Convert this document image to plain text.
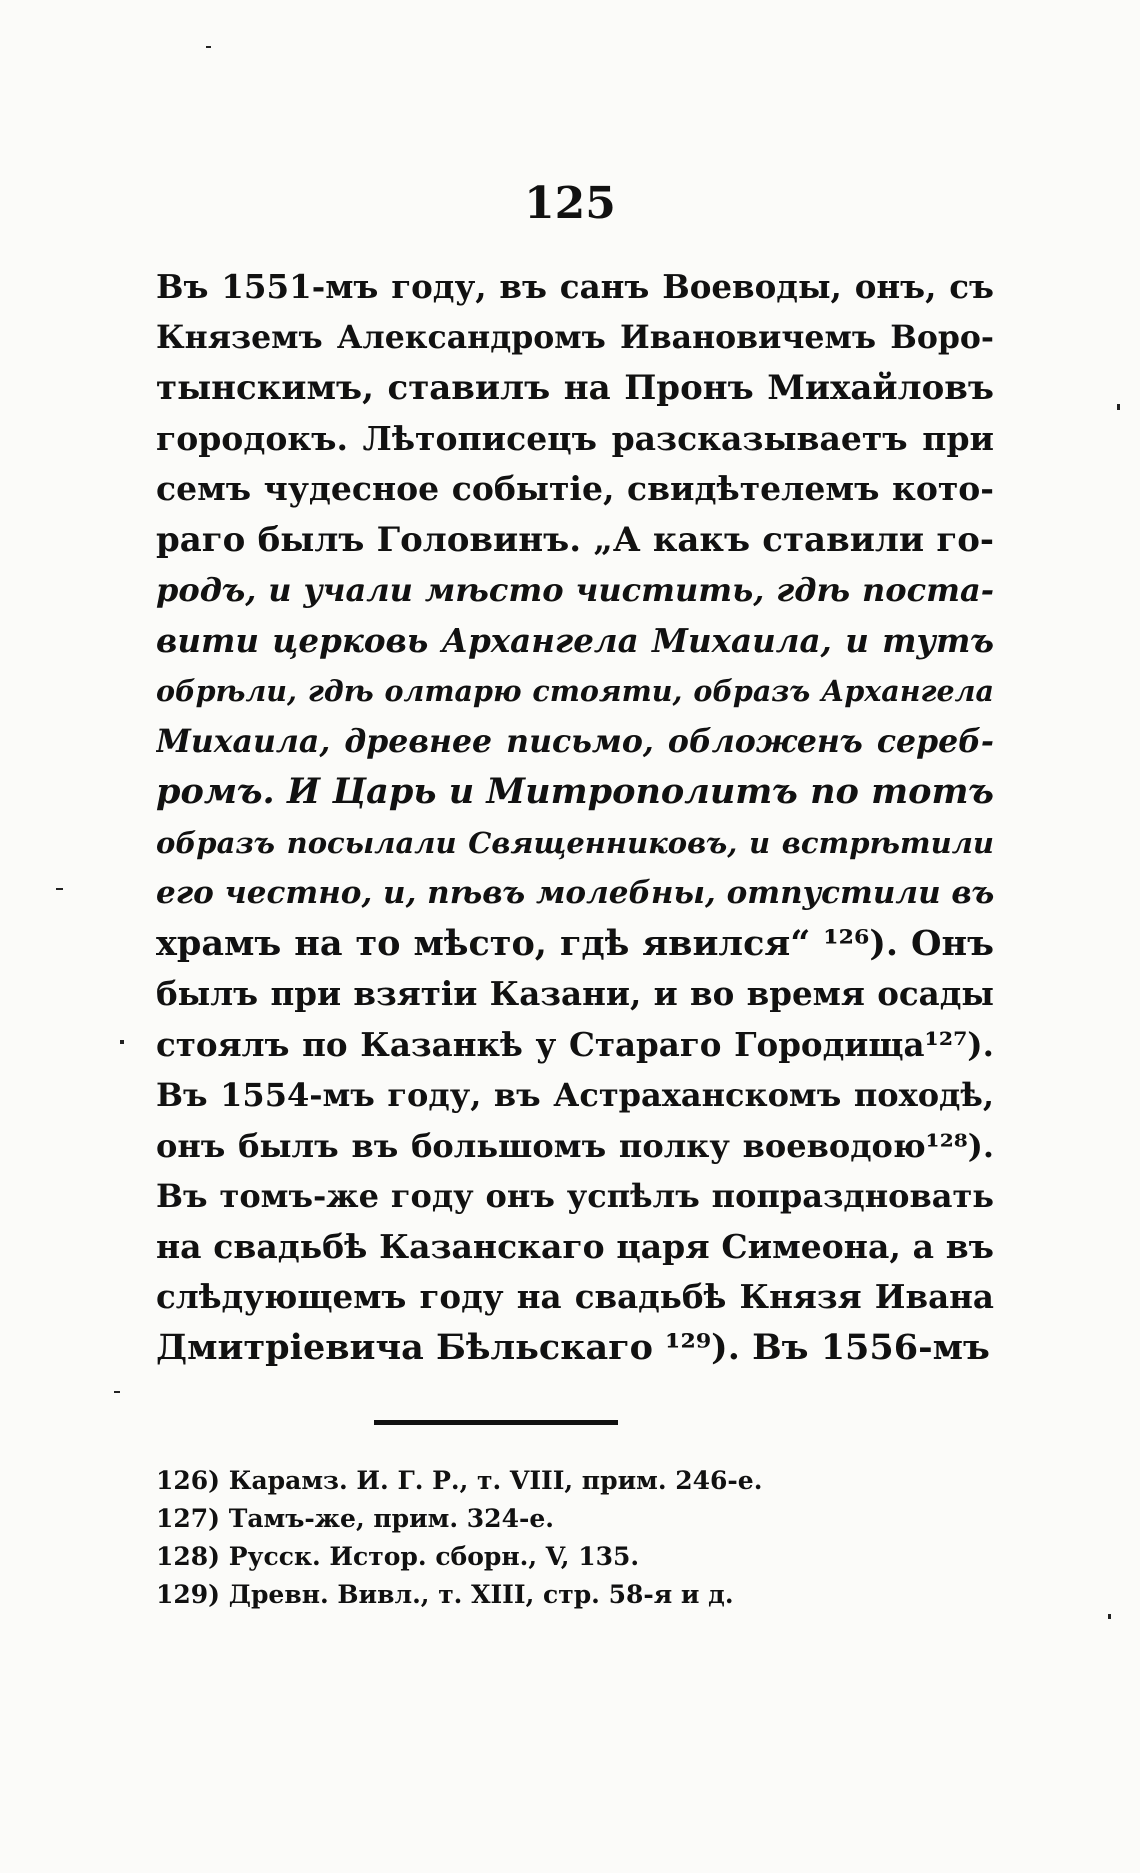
125
Въ 1551-мъ году, въ санъ Воеводы, онъ, съ
Княземъ Александромъ Ивановичемъ Воро-
тынскимъ, ставилъ на Пронъ Михайловъ
городокъ. Лѣтописецъ разсказываетъ при
семъ чудесное событіе, свидѣтелемъ кото-
раго былъ Головинъ. „А какъ ставили го-
родъ, и учали мѣсто чистить, гдѣ поста-
вити церковь Архангела Михаила, и тутъ
обрѣли, гдѣ олтарю стояти, образъ Архангела
Михаила, древнее письмо, обложенъ сереб-
ромъ. И Царь и Митрополитъ по тотъ
образъ посылали Священниковъ, и встрѣтили
его честно, и, пѣвъ молебны, отпустили въ
храмъ на то мѣсто, гдѣ явился“ ¹²⁶). Онъ
былъ при взятіи Казани, и во время осады
стоялъ по Казанкѣ у Стараго Городища¹²⁷).
Въ 1554-мъ году, въ Астраханскомъ походѣ,
онъ былъ въ большомъ полку воеводою¹²⁸).
Въ томъ-же году онъ успѣлъ попраздновать
на свадьбѣ Казанскаго царя Симеона, а въ
слѣдующемъ году на свадьбѣ Князя Ивана
Дмитріевича Бѣльскаго ¹²⁹). Въ 1556-мъ
126) Карамз. И. Г. Р., т. VIII, прим. 246-е.
127) Тамъ-же, прим. 324-е.
128) Русск. Истор. сборн., V, 135.
129) Древн. Вивл., т. XIII, стр. 58-я и д.
